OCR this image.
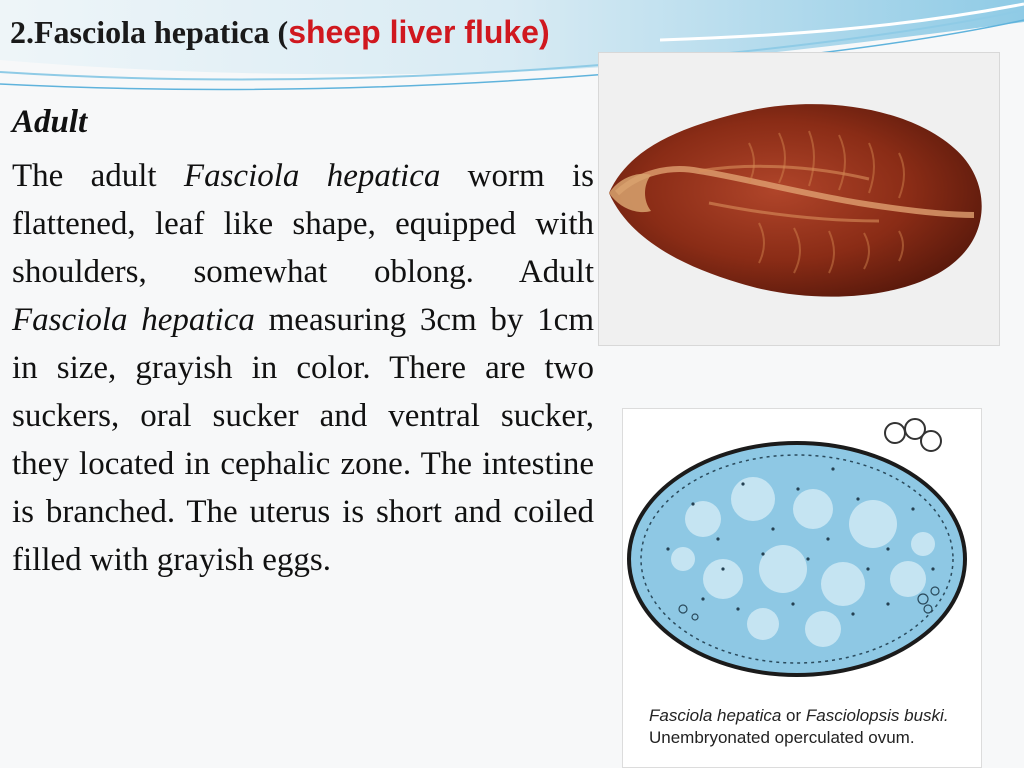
2.Fasciola hepatica (sheep liver fluke)
Adult
The adult Fasciola hepatica worm is flattened, leaf like shape, equipped with shoulders, somewhat oblong. Adult Fasciola hepatica measuring 3cm by 1cm in size, grayish in color. There are two suckers, oral sucker and ventral sucker, they located in cephalic zone. The intestine is branched. The uterus is short and coiled filled with grayish eggs.
Fasciola hepatica or Fasciolopsis buski.
Unembryonated operculated ovum.
